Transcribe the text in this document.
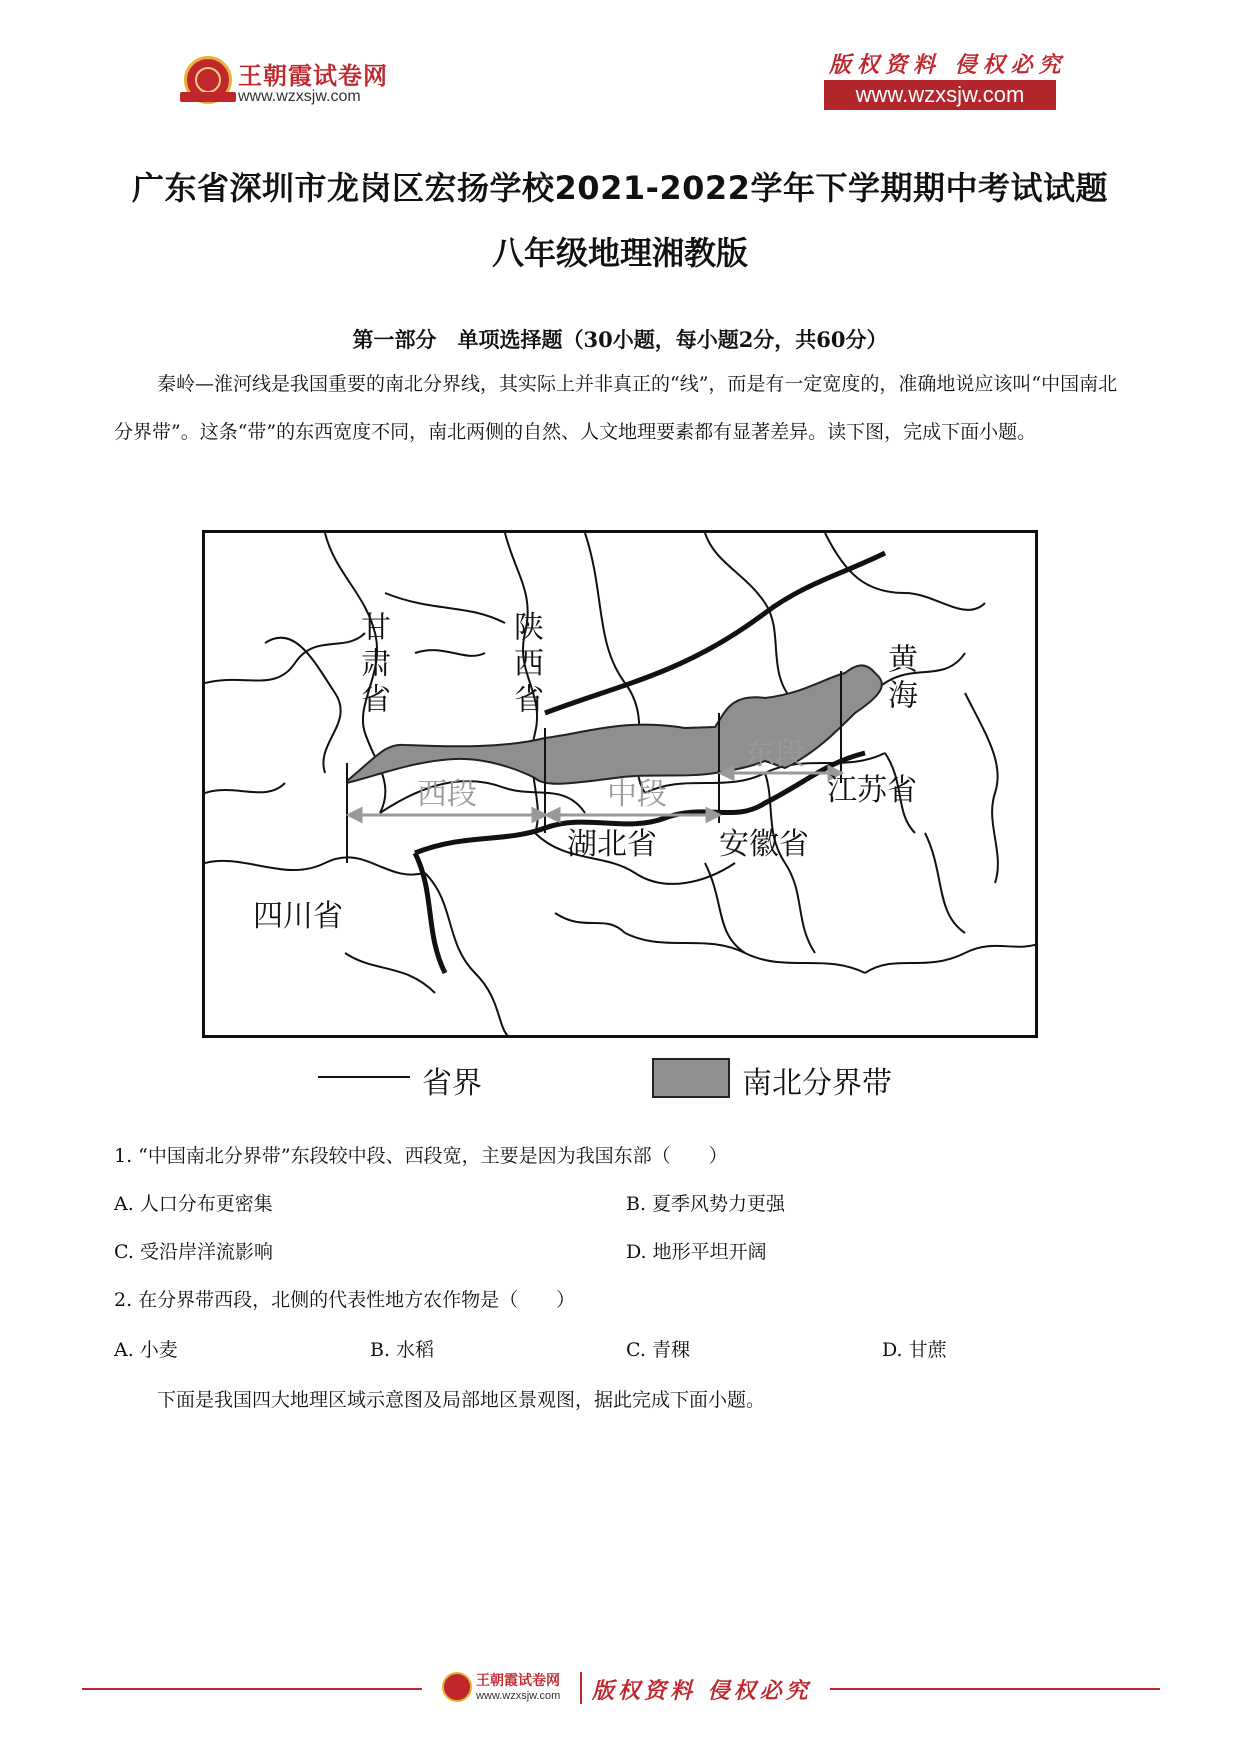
王朝霞试卷网
www.wzxsjw.com
版权资料 侵权必究
www.wzxsjw.com
广东省深圳市龙岗区宏扬学校2021-2022学年下学期期中考试试题
八年级地理湘教版
第一部分　单项选择题（30小题，每小题2分，共60分）
秦岭—淮河线是我国重要的南北分界线，其实际上并非真正的“线”，而是有一定宽度的，准确地说应该叫“中国南北分界带”。这条“带”的东西宽度不同，南北两侧的自然、人文地理要素都有显著差异。读下图，完成下面小题。
甘肃省	陕西省	黄海
江苏省
湖北省 安徽省
四川省
西段	中段
东段
省界	南北分界带
1. “中国南北分界带”东段较中段、西段宽，主要是因为我国东部（　　）
A. 人口分布更密集	B. 夏季风势力更强
C. 受沿岸洋流影响	D. 地形平坦开阔
2. 在分界带西段，北侧的代表性地方农作物是（　　）
A. 小麦	B. 水稻	C. 青稞	D. 甘蔗
下面是我国四大地理区域示意图及局部地区景观图，据此完成下面小题。
王朝霞试卷网
www.wzxsjw.com 版权资料 侵权必究
